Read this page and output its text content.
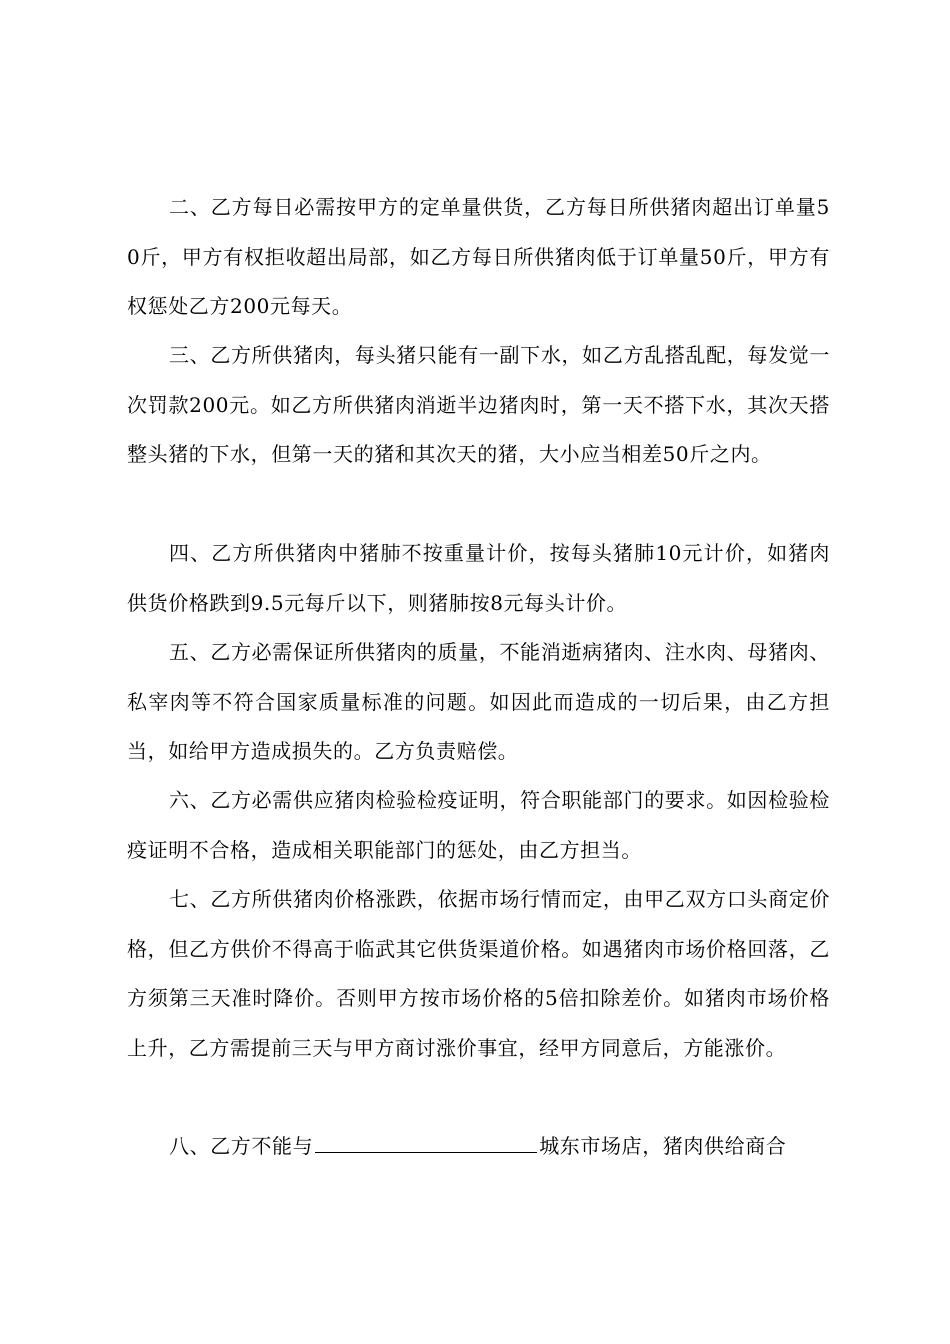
二、乙方每日必需按甲方的定单量供货，乙方每日所供猪肉超出订单量50斤，甲方有权拒收超出局部，如乙方每日所供猪肉低于订单量50斤，甲方有权惩处乙方200元每天。

三、乙方所供猪肉，每头猪只能有一副下水，如乙方乱搭乱配，每发觉一次罚款200元。如乙方所供猪肉消逝半边猪肉时，第一天不搭下水，其次天搭整头猪的下水，但第一天的猪和其次天的猪，大小应当相差50斤之内。

四、乙方所供猪肉中猪肺不按重量计价，按每头猪肺10元计价，如猪肉供货价格跌到9.5元每斤以下，则猪肺按8元每头计价。

五、乙方必需保证所供猪肉的质量，不能消逝病猪肉、注水肉、母猪肉、私宰肉等不符合国家质量标准的问题。如因此而造成的一切后果，由乙方担当，如给甲方造成损失的。乙方负责赔偿。

六、乙方必需供应猪肉检验检疫证明，符合职能部门的要求。如因检验检疫证明不合格，造成相关职能部门的惩处，由乙方担当。

七、乙方所供猪肉价格涨跌，依据市场行情而定，由甲乙双方口头商定价格，但乙方供价不得高于临武其它供货渠道价格。如遇猪肉市场价格回落，乙方须第三天准时降价。否则甲方按市场价格的5倍扣除差价。如猪肉市场价格上升，乙方需提前三天与甲方商讨涨价事宜，经甲方同意后，方能涨价。

八、乙方不能与	城东市场店，猪肉供给商合
